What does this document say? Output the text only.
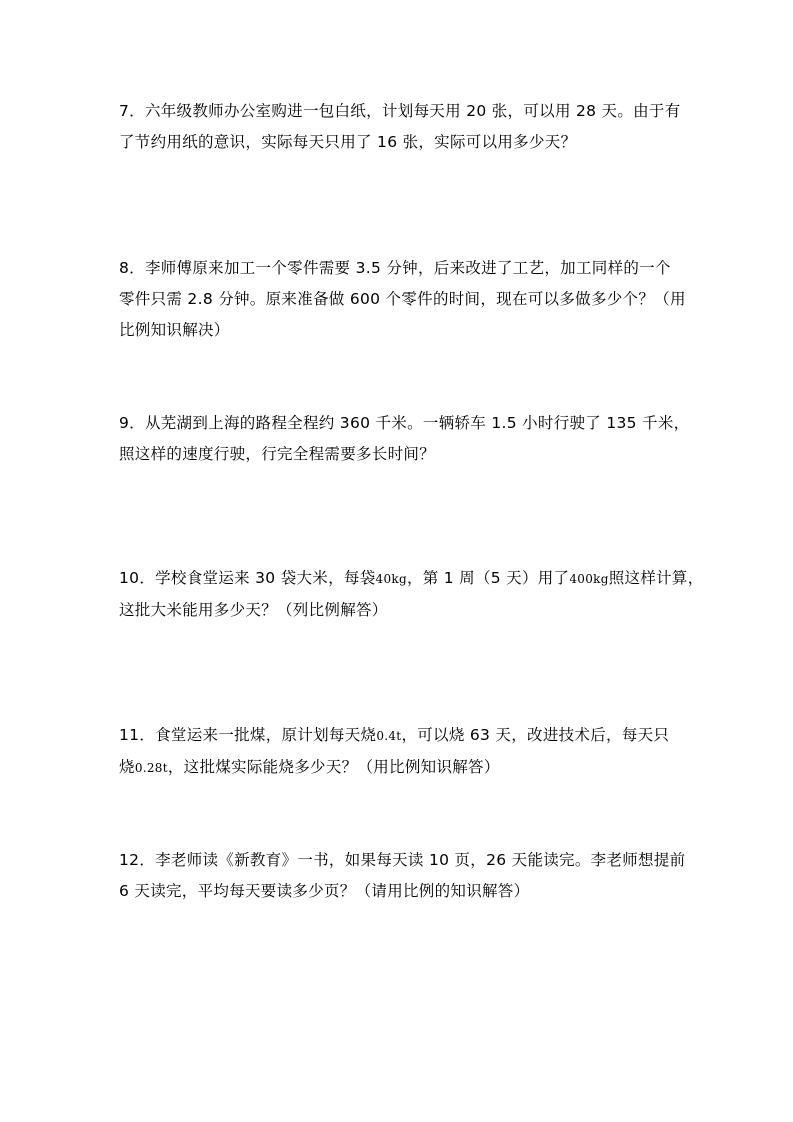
7．六年级教师办公室购进一包白纸，计划每天用 20 张，可以用 28 天。由于有
了节约用纸的意识，实际每天只用了 16 张，实际可以用多少天？
8．李师傅原来加工一个零件需要 3.5 分钟，后来改进了工艺，加工同样的一个
零件只需 2.8 分钟。原来准备做 600 个零件的时间，现在可以多做多少个？（用
比例知识解决）
9．从芜湖到上海的路程全程约 360 千米。一辆轿车 1.5 小时行驶了 135 千米，
照这样的速度行驶，行完全程需要多长时间？
10．学校食堂运来 30 袋大米，每袋40kg，第 1 周（5 天）用了400kg照这样计算，
这批大米能用多少天？（列比例解答）
11．食堂运来一批煤，原计划每天烧0.4t，可以烧 63 天，改进技术后，每天只
烧0.28t，这批煤实际能烧多少天？（用比例知识解答）
12．李老师读《新教育》一书，如果每天读 10 页，26 天能读完。李老师想提前
6 天读完，平均每天要读多少页？（请用比例的知识解答）
